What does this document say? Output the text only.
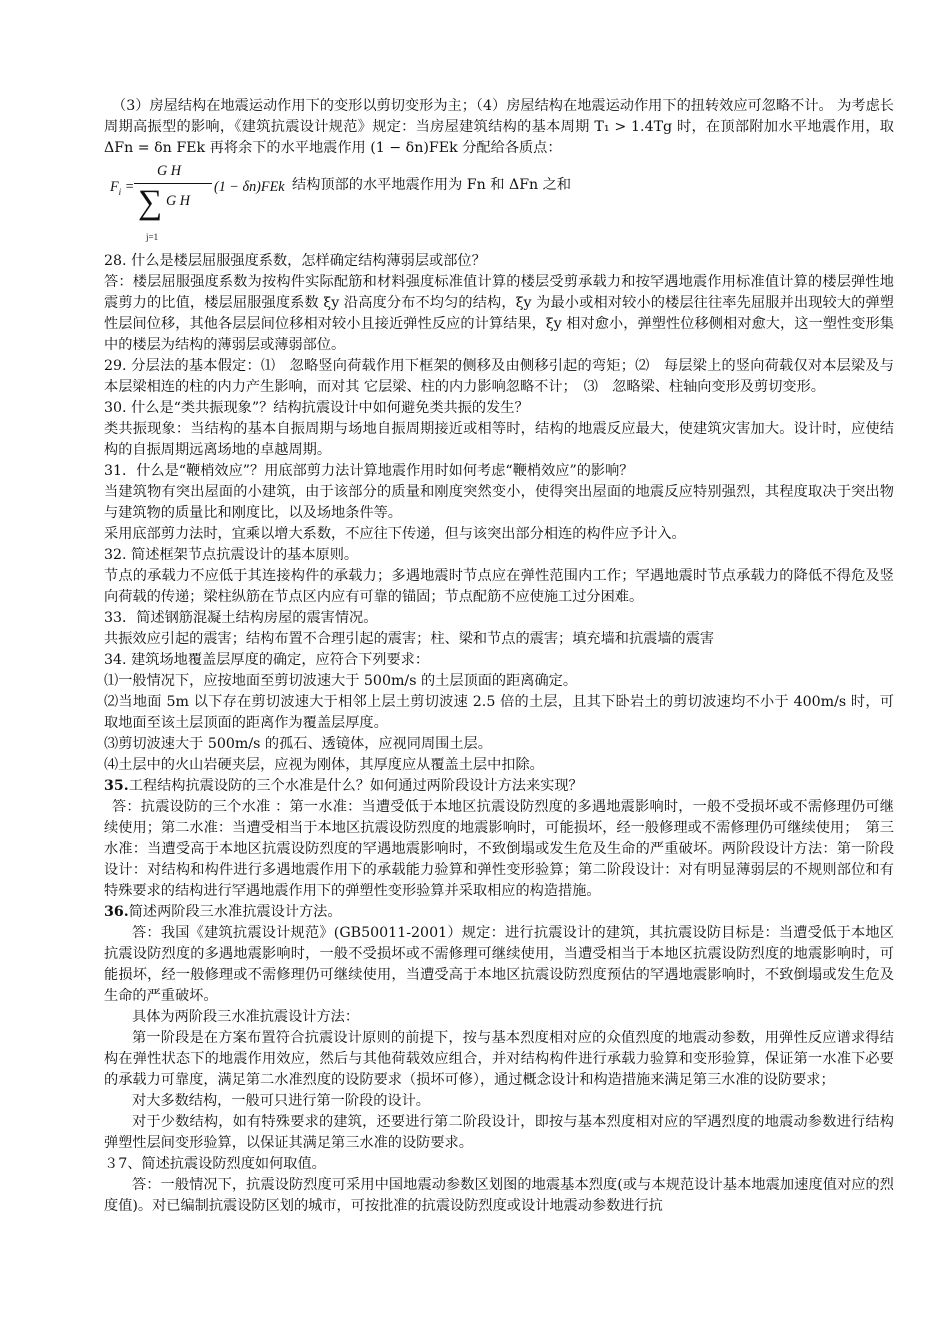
（3）房屋结构在地震运动作用下的变形以剪切变形为主；（4）房屋结构在地震运动作用下的扭转效应可忽略不计。 为考虑长周期高振型的影响，《建筑抗震设计规范》规定：当房屋建筑结构的基本周期 T₁ > 1.4Tg 时，在顶部附加水平地震作用，取 ΔFn = δn FEk 再将余下的水平地震作用 (1 − δn)FEk 分配给各质点：

$F_i$ =
G H
∑ G H
(1 − δn)FEk
j=1
结构顶部的水平地震作用为 Fn 和 ΔFn 之和

28. 什么是楼层屈服强度系数，怎样确定结构薄弱层或部位？

答：楼层屈服强度系数为按构件实际配筋和材料强度标准值计算的楼层受剪承载力和按罕遇地震作用标准值计算的楼层弹性地震剪力的比值，楼层屈服强度系数 ξy 沿高度分布不均匀的结构，ξy 为最小或相对较小的楼层往往率先屈服并出现较大的弹塑性层间位移，其他各层层间位移相对较小且接近弹性反应的计算结果，ξy 相对愈小，弹塑性位移侧相对愈大，这一塑性变形集中的楼层为结构的薄弱层或薄弱部位。

29. 分层法的基本假定：⑴　忽略竖向荷载作用下框架的侧移及由侧移引起的弯矩；⑵　每层梁上的竖向荷载仅对本层梁及与本层梁相连的柱的内力产生影响，而对其 它层梁、柱的内力影响忽略不计；　⑶　忽略梁、柱轴向变形及剪切变形。

30. 什么是“类共振现象”？结构抗震设计中如何避免类共振的发生？

类共振现象：当结构的基本自振周期与场地自振周期接近或相等时，结构的地震反应最大，使建筑灾害加大。设计时，应使结构的自振周期远离场地的卓越周期。

31．什么是“鞭梢效应”？用底部剪力法计算地震作用时如何考虑“鞭梢效应”的影响？

当建筑物有突出屋面的小建筑，由于该部分的质量和刚度突然变小，使得突出屋面的地震反应特别强烈，其程度取决于突出物与建筑物的质量比和刚度比，以及场地条件等。

采用底部剪力法时，宜乘以增大系数，不应往下传递，但与该突出部分相连的构件应予计入。

32. 简述框架节点抗震设计的基本原则。

节点的承载力不应低于其连接构件的承载力；多遇地震时节点应在弹性范围内工作；罕遇地震时节点承载力的降低不得危及竖向荷载的传递；梁柱纵筋在节点区内应有可靠的锚固；节点配筋不应使施工过分困难。

33．简述钢筋混凝土结构房屋的震害情况。

共振效应引起的震害；结构布置不合理引起的震害；柱、梁和节点的震害；填充墙和抗震墙的震害

34. 建筑场地覆盖层厚度的确定，应符合下列要求：

⑴一般情况下，应按地面至剪切波速大于 500m/s 的土层顶面的距离确定。

⑵当地面 5m 以下存在剪切波速大于相邻上层土剪切波速 2.5 倍的土层，且其下卧岩土的剪切波速均不小于 400m/s 时，可取地面至该土层顶面的距离作为覆盖层厚度。

⑶剪切波速大于 500m/s 的孤石、透镜体，应视同周围土层。

⑷土层中的火山岩硬夹层，应视为刚体，其厚度应从覆盖土层中扣除。

35.工程结构抗震设防的三个水准是什么？如何通过两阶段设计方法来实现？

答：抗震设防的三个水准 ：第一水准：当遭受低于本地区抗震设防烈度的多遇地震影响时，一般不受损坏或不需修理仍可继续使用；第二水准：当遭受相当于本地区抗震设防烈度的地震影响时，可能损坏，经一般修理或不需修理仍可继续使用；　第三水准：当遭受高于本地区抗震设防烈度的罕遇地震影响时，不致倒塌或发生危及生命的严重破坏。两阶段设计方法：第一阶段设计：对结构和构件进行多遇地震作用下的承载能力验算和弹性变形验算；第二阶段设计：对有明显薄弱层的不规则部位和有特殊要求的结构进行罕遇地震作用下的弹塑性变形验算并采取相应的构造措施。

36.简述两阶段三水准抗震设计方法。

答：我国《建筑抗震设计规范》(GB50011-2001）规定：进行抗震设计的建筑，其抗震设防目标是：当遭受低于本地区抗震设防烈度的多遇地震影响时，一般不受损坏或不需修理可继续使用，当遭受相当于本地区抗震设防烈度的地震影响时，可能损坏，经一般修理或不需修理仍可继续使用，当遭受高于本地区抗震设防烈度预估的罕遇地震影响时，不致倒塌或发生危及生命的严重破坏。

具体为两阶段三水准抗震设计方法：

第一阶段是在方案布置符合抗震设计原则的前提下，按与基本烈度相对应的众值烈度的地震动参数，用弹性反应谱求得结构在弹性状态下的地震作用效应，然后与其他荷载效应组合，并对结构构件进行承载力验算和变形验算，保证第一水准下必要的承载力可靠度，满足第二水准烈度的设防要求（损坏可修），通过概念设计和构造措施来满足第三水准的设防要求；

对大多数结构，一般可只进行第一阶段的设计。

对于少数结构，如有特殊要求的建筑，还要进行第二阶段设计，即按与基本烈度相对应的罕遇烈度的地震动参数进行结构弹塑性层间变形验算，以保证其满足第三水准的设防要求。

３7、简述抗震设防烈度如何取值。

答：一般情况下，抗震设防烈度可采用中国地震动参数区划图的地震基本烈度(或与本规范设计基本地震加速度值对应的烈度值)。对已编制抗震设防区划的城市，可按批准的抗震设防烈度或设计地震动参数进行抗
